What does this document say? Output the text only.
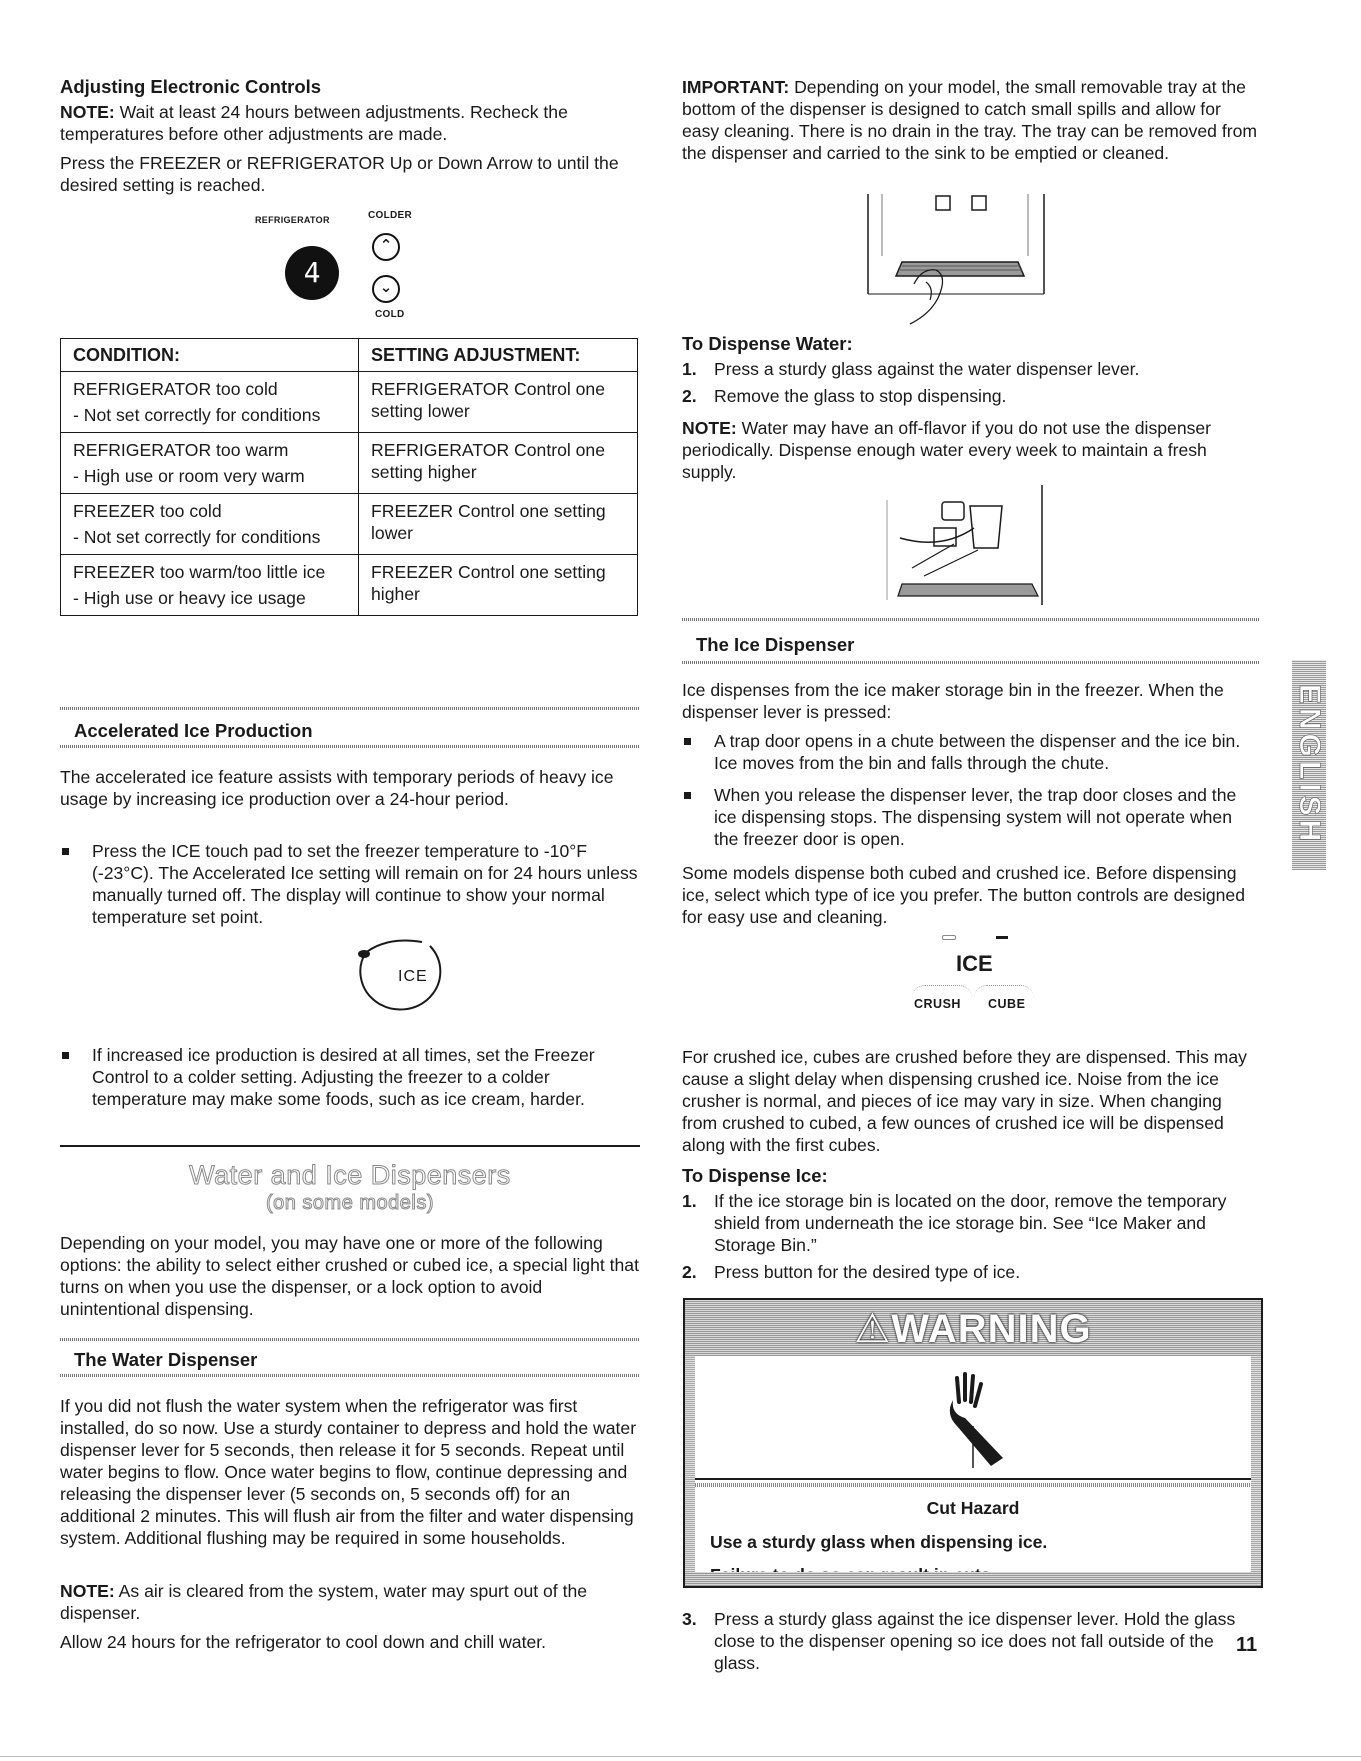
Adjusting Electronic Controls

NOTE: Wait at least 24 hours between adjustments. Recheck the temperatures before other adjustments are made.

Press the FREEZER or REFRIGERATOR Up or Down Arrow to until the desired setting is reached.

REFRIGERATOR	COLDER
4
⌃
⌄
COLD
CONDITION:	SETTING ADJUSTMENT:

REFRIGERATOR too cold
- Not set correctly for conditions	REFRIGERATOR Control one setting lower

REFRIGERATOR too warm
- High use or room very warm	REFRIGERATOR Control one setting higher

FREEZER too cold
- Not set correctly for conditions	FREEZER Control one setting lower

FREEZER too warm/too little ice
- High use or heavy ice usage	FREEZER Control one setting higher
Accelerated Ice Production

The accelerated ice feature assists with temporary periods of heavy ice usage by increasing ice production over a 24-hour period.

Press the ICE touch pad to set the freezer temperature to -10°F (-23°C). The Accelerated Ice setting will remain on for 24 hours unless manually turned off. The display will continue to show your normal temperature set point.
ICE
If increased ice production is desired at all times, set the Freezer Control to a colder setting. Adjusting the freezer to a colder temperature may make some foods, such as ice cream, harder.
Water and Ice Dispensers
(on some models)

Depending on your model, you may have one or more of the following options: the ability to select either crushed or cubed ice, a special light that turns on when you use the dispenser, or a lock option to avoid unintentional dispensing.

The Water Dispenser

If you did not flush the water system when the refrigerator was first installed, do so now. Use a sturdy container to depress and hold the water dispenser lever for 5 seconds, then release it for 5 seconds. Repeat until water begins to flow. Once water begins to flow, continue depressing and releasing the dispenser lever (5 seconds on, 5 seconds off) for an additional 2 minutes. This will flush air from the filter and water dispensing system. Additional flushing may be required in some households.

NOTE: As air is cleared from the system, water may spurt out of the dispenser.

Allow 24 hours for the refrigerator to cool down and chill water.

IMPORTANT: Depending on your model, the small removable tray at the bottom of the dispenser is designed to catch small spills and allow for easy cleaning. There is no drain in the tray. The tray can be removed from the dispenser and carried to the sink to be emptied or cleaned.

To Dispense Water:
1. Press a sturdy glass against the water dispenser lever.
2. Remove the glass to stop dispensing.

NOTE: Water may have an off-flavor if you do not use the dispenser periodically. Dispense enough water every week to maintain a fresh supply.

The Ice Dispenser

Ice dispenses from the ice maker storage bin in the freezer. When the dispenser lever is pressed:

A trap door opens in a chute between the dispenser and the ice bin. Ice moves from the bin and falls through the chute.
When you release the dispenser lever, the trap door closes and the ice dispensing stops. The dispensing system will not operate when the freezer door is open.

Some models dispense both cubed and crushed ice. Before dispensing ice, select which type of ice you prefer. The button controls are designed for easy use and cleaning.

ICE
CRUSH CUBE

For crushed ice, cubes are crushed before they are dispensed. This may cause a slight delay when dispensing crushed ice. Noise from the ice crusher is normal, and pieces of ice may vary in size. When changing from crushed to cubed, a few ounces of crushed ice will be dispensed along with the first cubes.

To Dispense Ice:
1. If the ice storage bin is located on the door, remove the temporary shield from underneath the ice storage bin. See “Ice Maker and Storage Bin.”
2. Press button for the desired type of ice.
3. Press a sturdy glass against the ice dispenser lever. Hold the glass close to the dispenser opening so ice does not fall outside of the glass.
⚠WARNING
Cut Hazard
Use a sturdy glass when dispensing ice.
ENGLISH
11
